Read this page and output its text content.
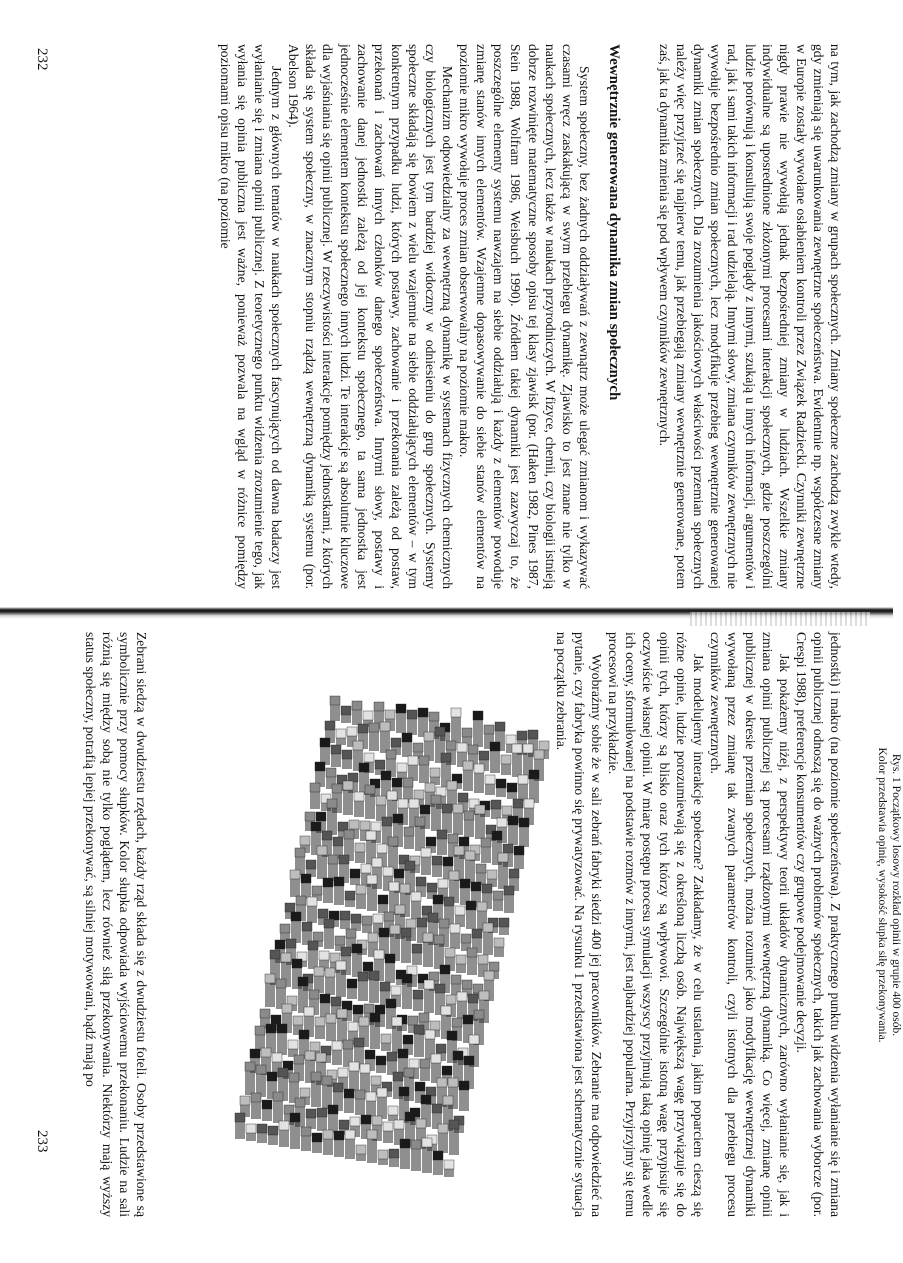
na tym, jak zachodzą zmiany w grupach społecznych. Zmiany społeczne zachodzą zwykle wtedy, gdy zmieniają się uwarunkowania zewnętrzne społeczeństwa. Ewidentnie np. współczesne zmiany w Europie zostały wywołane osłabieniem kontroli przez Związek Radziecki. Czynniki zewnętrzne nigdy prawie nie wywołują jednak bezpośredniej zmiany w ludziach. Wszelkie zmiany indywidualne są uposrednione złożonymi procesami interakcji społecznych, gdzie poszczególni ludzie porównują i konsultują swoje poglądy z innymi, szukają u innych informacji, argumentów i rad, jak i sami takich informacji i rad udzielają. Innymi słowy, zmiana czynników zewnętrznych nie wywołuje bezpośrednio zmian społecznych, lecz modyfikuje przebieg wewnętrznie generowanej dynamiki zmian społecznych. Dla zrozumienia jakościowych właściwości przemian społecznych należy więc przyjrzeć się najpierw temu, jak przebiegają zmiany wewnętrznie generowane, potem zaś, jak ta dynamika zmienia się pod wpływem czynników zewnętrznych.

Wewnętrznie generowana dynamika zmian społecznych

System społeczny, bez żadnych oddziaływań z zewnątrz może ulegać zmianom i wykazywać czasami wręcz zaskakującą w swym przebiegu dynamikę. Zjawisko to jest znane nie tylko w naukach społecznych, lecz także w naukach przyrodniczych. W fizyce, chemii, czy biologii istnieją dobrze rozwinięte matematyczne sposoby opisu tej klasy zjawisk (por. (Haken 1982, Pines 1987, Stein 1988, Wolfram 1986, Weisbuch 1990). Źródłem takiej dynamiki jest zazwyczaj to, że poszczególne elementy systemu nawzajem na siebie oddziałują i każdy z elementów powoduje zmianę stanów innych elementów. Wzajemne dopasowywanie do siebie stanów elementów na poziomie mikro wywołuje proces zmian obserwowalny na poziomie makro.

Mechanizm odpowiedzialny za wewnętrzną dynamikę w systemach fizycznych chemicznych czy biologicznych jest tym bardziej widoczny w odniesieniu do grup społecznych. Systemy społeczne składają się bowiem z wielu wzajemnie na siebie oddziałujących elementów – w tym konkretnym przypadku ludzi, których postawy, zachowanie i przekonania zależą od postaw, przekonań i zachowań innych członków danego społeczeństwa. Innymi słowy, postawy i zachowanie danej jednostki zależą od jej kontekstu społecznego, ta sama jednostka jest jednocześnie elementem kontekstu społecznego innych ludzi. Te interakcje są absolutnie kluczowe dla wyjaśniania się opinii publicznej. W rzeczywistości interakcje pomiędzy jednostkami, z których składa się system społeczny, w znacznym stopniu rządzą wewnętrzną dynamiką systemu (por. Abelson 1964).

Jednym z głównych tematów w naukach społecznych fascynujących od dawna badaczy jest wyłanianie się i zmiana opinii publicznej. Z teoretycznego punktu widzenia zrozumienie tego, jak wyłania się opinia publiczna jest ważne, ponieważ pozwala na wgląd w różnice pomiędzy poziomami opisu mikro (na poziomie

232

jednostki) i makro (na poziomie społeczeństwa). Z praktycznego punktu widzenia wyłanianie się i zmiana opinii publicznej odnoszą się do ważnych problemów społecznych, takich jak zachowania wyborcze (por. Crespi 1988), preferencje konsumentów czy grupowe podejmowanie decyzji.

Jak pokażemy niżej, z perspektywy teorii układów dynamicznych, zarówno wyłanianie się, jak i zmiana opinii publicznej są procesami rządzonymi wewnętrzną dynamiką. Co więcej, zmianę opinii publicznej w okresie przemian społecznych, można rozumieć jako modyfikację wewnętrznej dynamiki wywołaną przez zmianę tak zwanych parametrów kontroli, czyli istotnych dla przebiegu procesu czynników zewnętrznych.

Jak modelujemy interakcje społeczne? Zakładamy, że w celu ustalenia, jakim poparciem cieszą się różne opinie, ludzie porozumiewają się z określoną liczbą osób. Największą wagę przywiązuje się do opinii tych, którzy są blisko oraz tych którzy są wpływowi. Szczególnie istotną wagę przypisuje się oczywiście własnej opinii. W miarę postępu procesu symulacji wszyscy przyjmują taką opinię jaka wedle ich oceny, sformułowanej na podstawie rozmów z innymi, jest najbardziej popularna. Przyjrzyjmy się temu procesowi na przykładzie.

Wyobraźmy sobie że w sali zebrań fabryki siedzi 400 jej pracowników. Zebranie ma odpowiedzieć na pytanie, czy fabryka powinno się prywatyzować. Na rysunku 1 przedstawiona jest schematycznie sytuacja na początku zebrania.

Rys. 1 Początkowy losowy rozkład opinii w grupie 400 osób.
Kolor przedstawia opinię, wysokość słupka siłę przekonywania.

Zebrani siedzą w dwudziestu rzędach, każdy rząd składa się z dwudziestu foteli. Osoby przedstawione są symbolicznie przy pomocy słupków. Kolor słupka odpowiada wyjściowemu przekonaniu. Ludzie na sali różnią się między sobą nie tylko poglądem, lecz również siłą przekonywania. Niektórzy mają wyższy status społeczny, potrafią lepiej przekonywać, są silniej motywowani, bądź mają po

233
